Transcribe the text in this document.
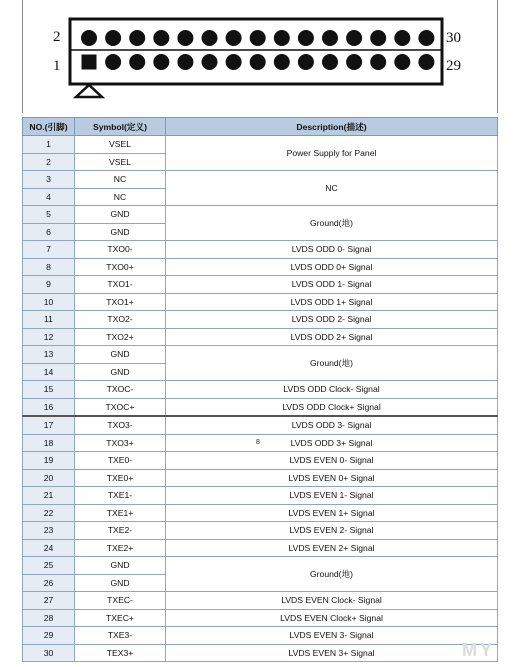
2
1
30
29
NO.(引脚)	Symbol(定义)	Description(描述)
1	VSEL	Power Supply for Panel
2	VSEL	
3	NC	NC
4	NC	
5	GND	Ground(地)
6	GND	
7	TXO0-	LVDS ODD 0- Signal
8	TXO0+	LVDS ODD 0+ Signal
9	TXO1-	LVDS ODD 1- Signal
10	TXO1+	LVDS ODD 1+ Signal
11	TXO2-	LVDS ODD 2- Signal
12	TXO2+	LVDS ODD 2+ Signal
13	GND	Ground(地)
14	GND	
15	TXOC-	LVDS ODD Clock- Signal
16	TXOC+	LVDS ODD Clock+ Signal
17	TXO3-	LVDS ODD 3- Signal
18	TXO3+	8 LVDS ODD 3+ Signal
19	TXE0-	LVDS EVEN 0- Signal
20	TXE0+	LVDS EVEN 0+ Signal
21	TXE1-	LVDS EVEN 1- Signal
22	TXE1+	LVDS EVEN 1+ Signal
23	TXE2-	LVDS EVEN 2- Signal
24	TXE2+	LVDS EVEN 2+ Signal
25	GND	Ground(地)
26	GND	
27	TXEC-	LVDS EVEN Clock- Signal
28	TXEC+	LVDS EVEN Clock+ Signal
29	TXE3-	LVDS EVEN 3- Signal
30	TEX3+	LVDS EVEN 3+ Signal	MY
